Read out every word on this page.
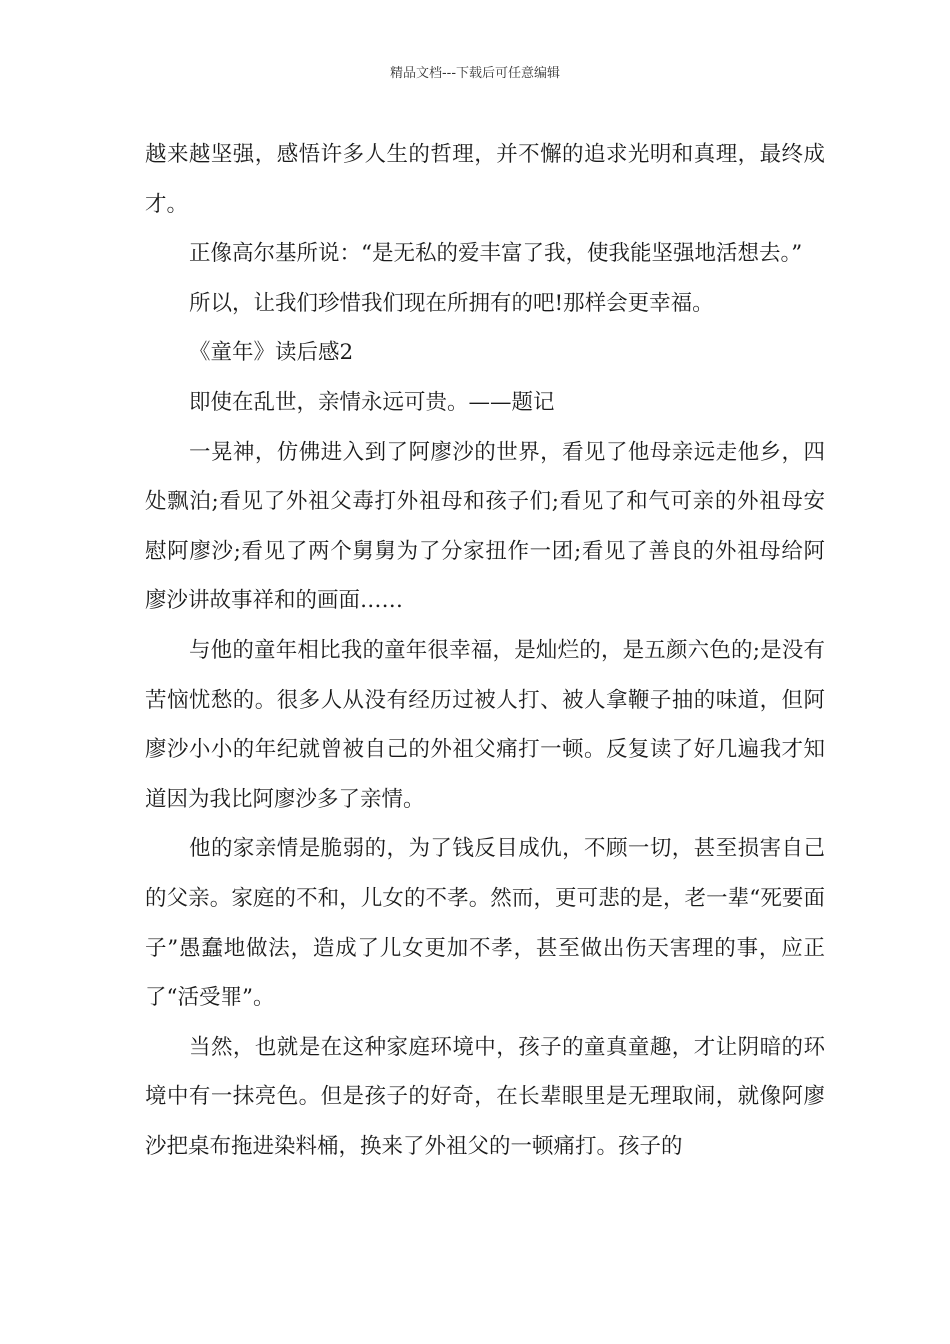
精品文档---下载后可任意编辑

越来越坚强，感悟许多人生的哲理，并不懈的追求光明和真理，最终成才。

正像高尔基所说：“是无私的爱丰富了我，使我能坚强地活想去。”

所以，让我们珍惜我们现在所拥有的吧!那样会更幸福。

《童年》读后感2

即使在乱世，亲情永远可贵。——题记

一晃神，仿佛进入到了阿廖沙的世界，看见了他母亲远走他乡，四处飘泊;看见了外祖父毒打外祖母和孩子们;看见了和气可亲的外祖母安慰阿廖沙;看见了两个舅舅为了分家扭作一团;看见了善良的外祖母给阿廖沙讲故事祥和的画面……

与他的童年相比我的童年很幸福，是灿烂的，是五颜六色的;是没有苦恼忧愁的。很多人从没有经历过被人打、被人拿鞭子抽的味道，但阿廖沙小小的年纪就曾被自己的外祖父痛打一顿。反复读了好几遍我才知道因为我比阿廖沙多了亲情。

他的家亲情是脆弱的，为了钱反目成仇，不顾一切，甚至损害自己的父亲。家庭的不和，儿女的不孝。然而，更可悲的是，老一辈“死要面子”愚蠢地做法，造成了儿女更加不孝，甚至做出伤天害理的事，应正了“活受罪”。

当然，也就是在这种家庭环境中，孩子的童真童趣，才让阴暗的环境中有一抹亮色。但是孩子的好奇，在长辈眼里是无理取闹，就像阿廖沙把桌布拖进染料桶，换来了外祖父的一顿痛打。孩子的
